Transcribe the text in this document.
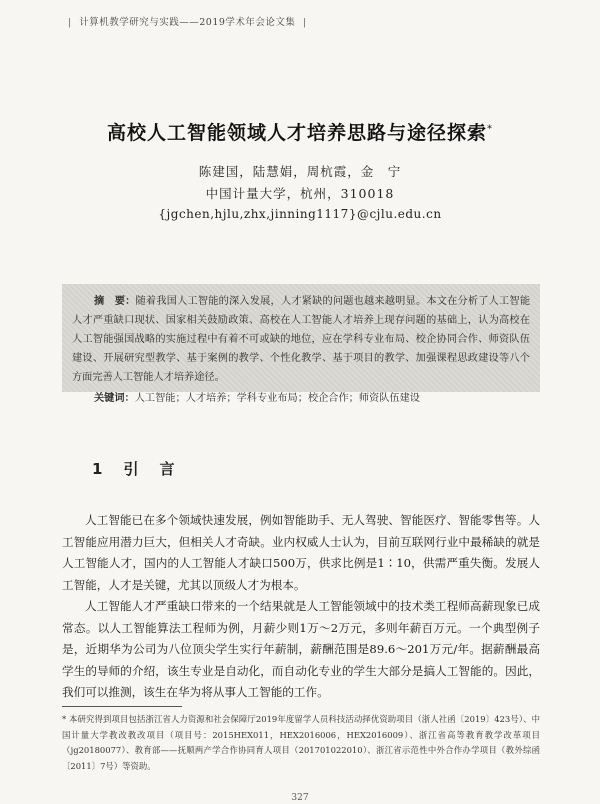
| 计算机教学研究与实践——2019学术年会论文集 |
高校人工智能领域人才培养思路与途径探索*
陈建国，陆慧娟，周杭霞，金　宁
中国计量大学，杭州，310018
{jgchen,hjlu,zhx,jinning1117}@cjlu.edu.cn

摘　要：随着我国人工智能的深入发展，人才紧缺的问题也越来越明显。本文在分析了人工智能人才严重缺口现状、国家相关鼓励政策、高校在人工智能人才培养上现存问题的基础上，认为高校在人工智能强国战略的实施过程中有着不可或缺的地位，应在学科专业布局、校企协同合作、师资队伍建设、开展研究型教学、基于案例的教学、个性化教学、基于项目的教学、加强课程思政建设等八个方面完善人工智能人才培养途径。

关键词：人工智能；人才培养；学科专业布局；校企合作；师资队伍建设

1 引　言

人工智能已在多个领域快速发展，例如智能助手、无人驾驶、智能医疗、智能零售等。人工智能应用潜力巨大，但相关人才奇缺。业内权威人士认为，目前互联网行业中最稀缺的就是人工智能人才，国内的人工智能人才缺口500万，供求比例是1∶10，供需严重失衡。发展人工智能，人才是关键，尤其以顶级人才为根本。

人工智能人才严重缺口带来的一个结果就是人工智能领域中的技术类工程师高薪现象已成常态。以人工智能算法工程师为例，月薪少则1万～2万元，多则年薪百万元。一个典型例子是，近期华为公司为八位顶尖学生实行年薪制，薪酬范围是89.6～201万元/年。据薪酬最高学生的导师的介绍，该生专业是自动化，而自动化专业的学生大部分是搞人工智能的。因此，我们可以推测，该生在华为将从事人工智能的工作。

* 本研究得到项目包括浙江省人力资源和社会保障厅2019年度留学人员科技活动择优资助项目（浙人社函〔2019〕423号）、中国计量大学教改教改项目（项目号：2015HEX011，HEX2016006，HEX2016009）、浙江省高等教育教学改革项目（jg20180077）、教育部——抚顺两产学合作协同育人项目（201701022010）、浙江省示范性中外合作办学项目（教外综函〔2011〕7号）等资助。
327
